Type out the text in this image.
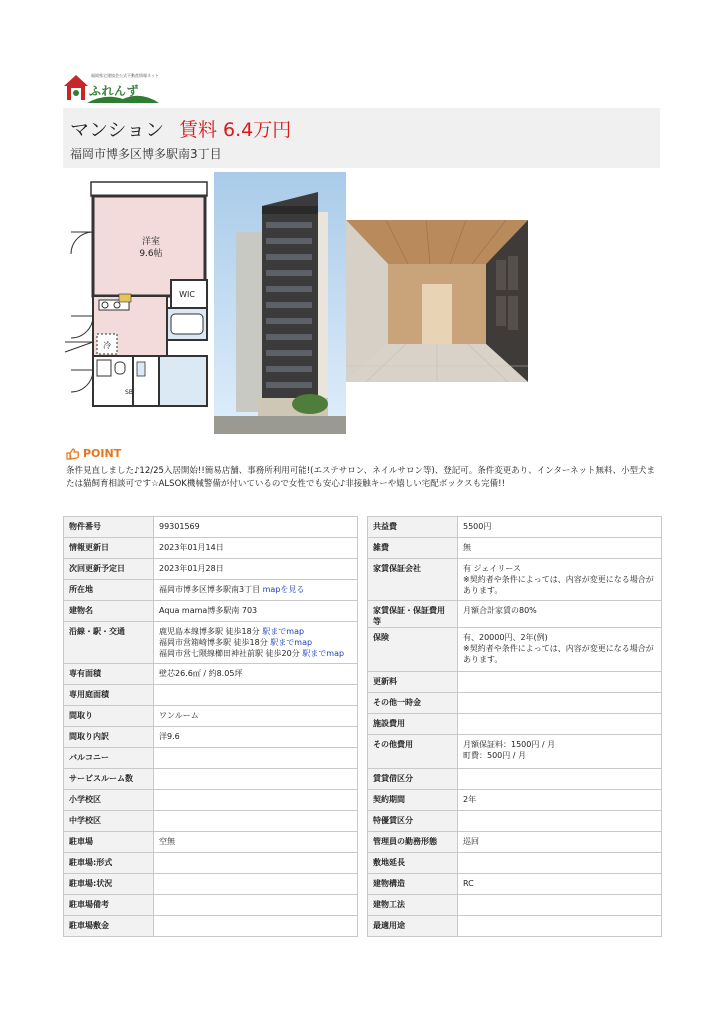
福岡県宅建協会公式不動産情報ネット
ふれんず
マンション 賃料 6.4万円
福岡市博多区博多駅南3丁目
洋室
9.6帖
WIC
冷
SB
POINT
条件見直しました♪12/25入居開始!!簡易店舗、事務所利用可能!(エステサロン、ネイルサロン等)、登記可。条件変更あり、インターネット無料、小型犬または猫飼育相談可です☆ALSOK機械警備が付いているので女性でも安心♪非接触キーや嬉しい宅配ボックスも完備!!
物件番号	99301569
情報更新日	2023年01月14日
次回更新予定日	2023年01月28日
所在地	福岡市博多区博多駅南3丁目 mapを見る
建物名	Aqua mama博多駅南 703
沿線・駅・交通	鹿児島本線博多駅 徒歩18分 駅までmap
福岡市営箱崎博多駅 徒歩18分 駅までmap
福岡市営七隈線櫛田神社前駅 徒歩20分 駅までmap

専有面積	壁芯26.6㎡ / 約8.05坪
専用庭面積	
間取り	ワンルーム
間取り内訳	洋9.6
バルコニー	
サービスルーム数	
小学校区	
中学校区	
駐車場	空無
駐車場:形式	
駐車場:状況	
駐車場備考	
駐車場敷金	
共益費	5500円
雑費	無
家賃保証会社	有 ジェイリース
※契約者や条件によっては、内容が変更になる場合があります。

家賃保証・保証費用等	月額合計家賃の80%
保険	有、20000円、2年(例)
※契約者や条件によっては、内容が変更になる場合があります。

更新料	
その他一時金	
施設費用	
その他費用	月額保証料：1500円 / 月
町費：500円 / 月

賃貸借区分	
契約期間	2年
特優賃区分	
管理員の勤務形態	巡回
敷地延長	
建物構造	RC
建物工法	
最適用途	
